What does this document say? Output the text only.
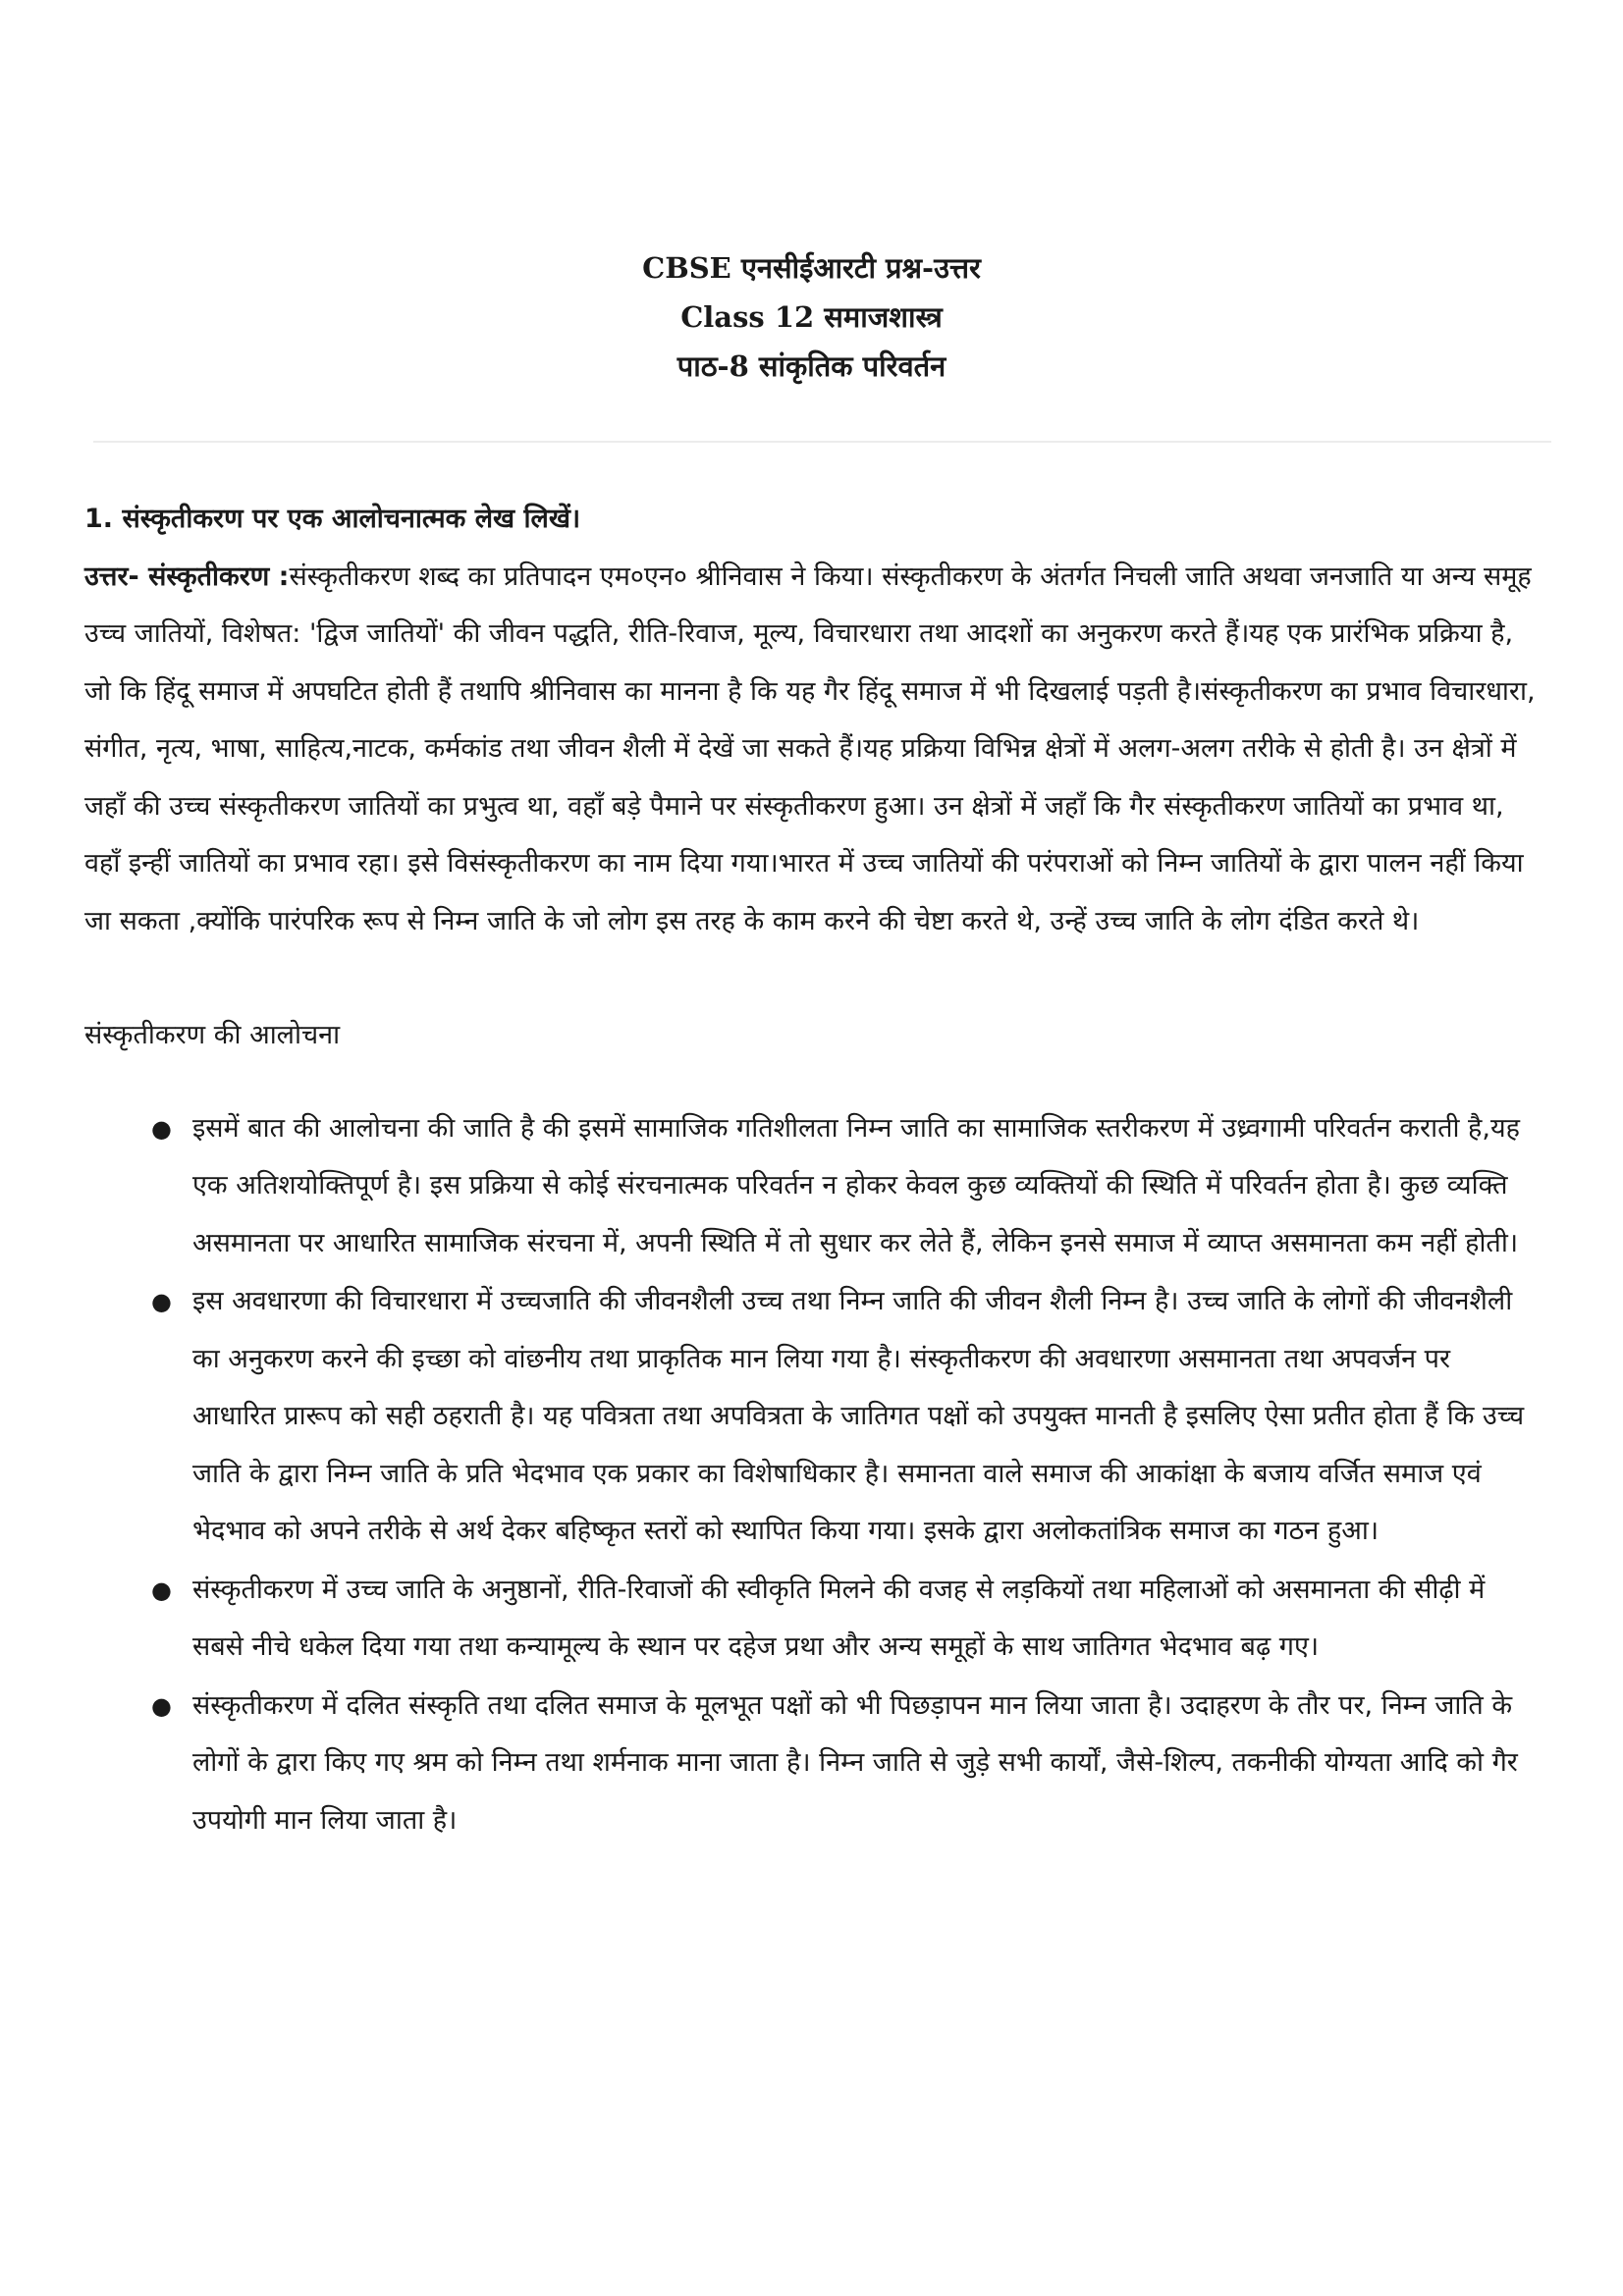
CBSE एनसीईआरटी प्रश्न-उत्तर
Class 12 समाजशास्त्र
पाठ-8 सांकृतिक परिवर्तन

1. संस्कृतीकरण पर एक आलोचनात्मक लेख लिखें।

उत्तर- संस्कृतीकरण :संस्कृतीकरण शब्द का प्रतिपादन एम०एन० श्रीनिवास ने किया। संस्कृतीकरण के अंतर्गत निचली जाति अथवा जनजाति या अन्य समूह उच्च जातियों, विशेषत: 'द्विज जातियों' की जीवन पद्धति, रीति-रिवाज, मूल्य, विचारधारा तथा आदशों का अनुकरण करते हैं।यह एक प्रारंभिक प्रक्रिया है, जो कि हिंदू समाज में अपघटित होती हैं तथापि श्रीनिवास का मानना है कि यह गैर हिंदू समाज में भी दिखलाई पड़ती है।संस्कृतीकरण का प्रभाव विचारधारा, संगीत, नृत्य, भाषा, साहित्य,नाटक, कर्मकांड तथा जीवन शैली में देखें जा सकते हैं।यह प्रक्रिया विभिन्न क्षेत्रों में अलग-अलग तरीके से होती है। उन क्षेत्रों में जहाँ की उच्च संस्कृतीकरण जातियों का प्रभुत्व था, वहाँ बड़े पैमाने पर संस्कृतीकरण हुआ। उन क्षेत्रों में जहाँ कि गैर संस्कृतीकरण जातियों का प्रभाव था, वहाँ इन्हीं जातियों का प्रभाव रहा। इसे विसंस्कृतीकरण का नाम दिया गया।भारत में उच्च जातियों की परंपराओं को निम्न जातियों के द्वारा पालन नहीं किया जा सकता ,क्योंकि पारंपरिक रूप से निम्न जाति के जो लोग इस तरह के काम करने की चेष्टा करते थे, उन्हें उच्च जाति के लोग दंडित करते थे।

संस्कृतीकरण की आलोचना

● इसमें बात की आलोचना की जाति है की इसमें सामाजिक गतिशीलता निम्न जाति का सामाजिक स्तरीकरण में उध्र्वगामी परिवर्तन कराती है,यह एक अतिशयोक्तिपूर्ण है। इस प्रक्रिया से कोई संरचनात्मक परिवर्तन न होकर केवल कुछ व्यक्तियों की स्थिति में परिवर्तन होता है। कुछ व्यक्ति असमानता पर आधारित सामाजिक संरचना में, अपनी स्थिति में तो सुधार कर लेते हैं, लेकिन इनसे समाज में व्याप्त असमानता कम नहीं होती।
● इस अवधारणा की विचारधारा में उच्चजाति की जीवनशैली उच्च तथा निम्न जाति की जीवन शैली निम्न है। उच्च जाति के लोगों की जीवनशैली का अनुकरण करने की इच्छा को वांछनीय तथा प्राकृतिक मान लिया गया है। संस्कृतीकरण की अवधारणा असमानता तथा अपवर्जन पर आधारित प्रारूप को सही ठहराती है। यह पवित्रता तथा अपवित्रता के जातिगत पक्षों को उपयुक्त मानती है इसलिए ऐसा प्रतीत होता हैं कि उच्च जाति के द्वारा निम्न जाति के प्रति भेदभाव एक प्रकार का विशेषाधिकार है। समानता वाले समाज की आकांक्षा के बजाय वर्जित समाज एवं भेदभाव को अपने तरीके से अर्थ देकर बहिष्कृत स्तरों को स्थापित किया गया। इसके द्वारा अलोकतांत्रिक समाज का गठन हुआ।
● संस्कृतीकरण में उच्च जाति के अनुष्ठानों, रीति-रिवाजों की स्वीकृति मिलने की वजह से लड़कियों तथा महिलाओं को असमानता की सीढ़ी में सबसे नीचे धकेल दिया गया तथा कन्यामूल्य के स्थान पर दहेज प्रथा और अन्य समूहों के साथ जातिगत भेदभाव बढ़ गए।
● संस्कृतीकरण में दलित संस्कृति तथा दलित समाज के मूलभूत पक्षों को भी पिछड़ापन मान लिया जाता है। उदाहरण के तौर पर, निम्न जाति के लोगों के द्वारा किए गए श्रम को निम्न तथा शर्मनाक माना जाता है। निम्न जाति से जुड़े सभी कार्यों, जैसे-शिल्प, तकनीकी योग्यता आदि को गैर उपयोगी मान लिया जाता है।
